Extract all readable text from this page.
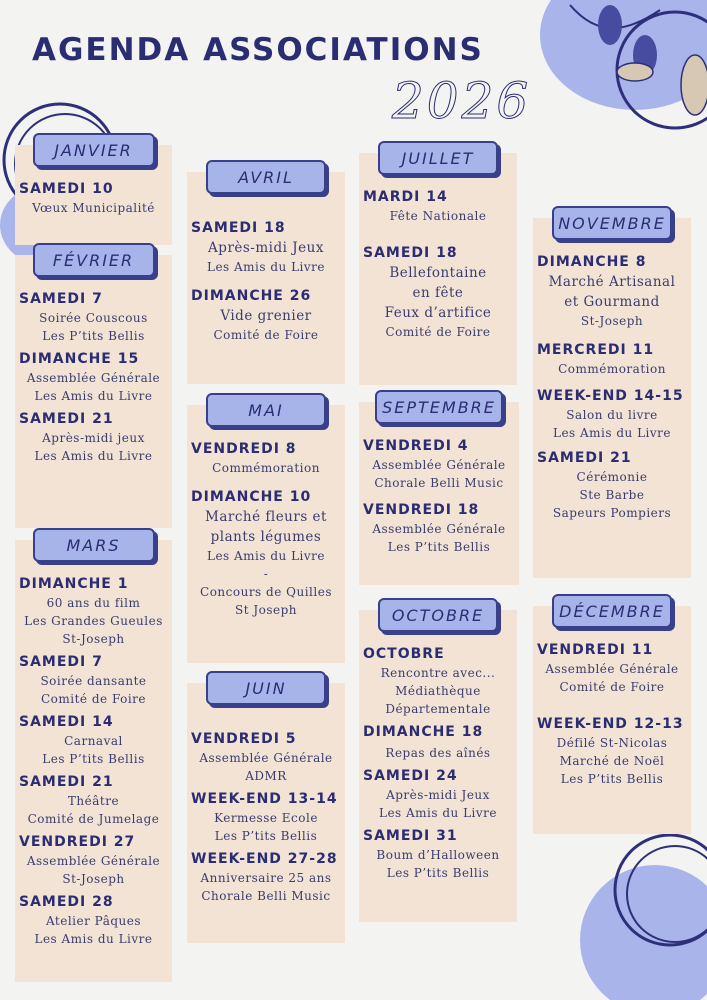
AGENDA ASSOCIATIONS
2026
JANVIER
SAMEDI 10
Vœux Municipalité
FÉVRIER
SAMEDI 7
Soirée Couscous
Les P’tits Bellis
DIMANCHE 15
Assemblée Générale
Les Amis du Livre
SAMEDI 21
Après-midi jeux
Les Amis du Livre
MARS
DIMANCHE 1
60 ans du film
Les Grandes Gueules
St-Joseph
SAMEDI 7
Soirée dansante
Comité de Foire
SAMEDI 14
Carnaval
Les P’tits Bellis
SAMEDI 21
Théâtre
Comité de Jumelage
VENDREDI 27
Assemblée Générale
St-Joseph
SAMEDI 28
Atelier Pâques
Les Amis du Livre
AVRIL
SAMEDI 18
Après-midi Jeux
Les Amis du Livre
DIMANCHE 26
Vide grenier
Comité de Foire
MAI
VENDREDI 8
Commémoration
DIMANCHE 10
Marché fleurs et
plants légumes
Les Amis du Livre
-
Concours de Quilles
St Joseph
JUIN
VENDREDI 5
Assemblée Générale
ADMR
WEEK-END 13-14
Kermesse Ecole
Les P’tits Bellis
WEEK-END 27-28
Anniversaire 25 ans
Chorale Belli Music
JUILLET
MARDI 14
Fête Nationale
SAMEDI 18
Bellefontaine
en fête
Feux d’artifice
Comité de Foire
SEPTEMBRE
VENDREDI 4
Assemblée Générale
Chorale Belli Music
VENDREDI 18
Assemblée Générale
Les P’tits Bellis
OCTOBRE
OCTOBRE
Rencontre avec...
Médiathèque
Départementale
DIMANCHE 18
Repas des aînés
SAMEDI 24
Après-midi Jeux
Les Amis du Livre
SAMEDI 31
Boum d’Halloween
Les P’tits Bellis
NOVEMBRE
DIMANCHE 8
Marché Artisanal
et Gourmand
St-Joseph
MERCREDI 11
Commémoration
WEEK-END 14-15
Salon du livre
Les Amis du Livre
SAMEDI 21
Cérémonie
Ste Barbe
Sapeurs Pompiers
DÉCEMBRE
VENDREDI 11
Assemblée Générale
Comité de Foire
WEEK-END 12-13
Défilé St-Nicolas
Marché de Noël
Les P’tits Bellis
